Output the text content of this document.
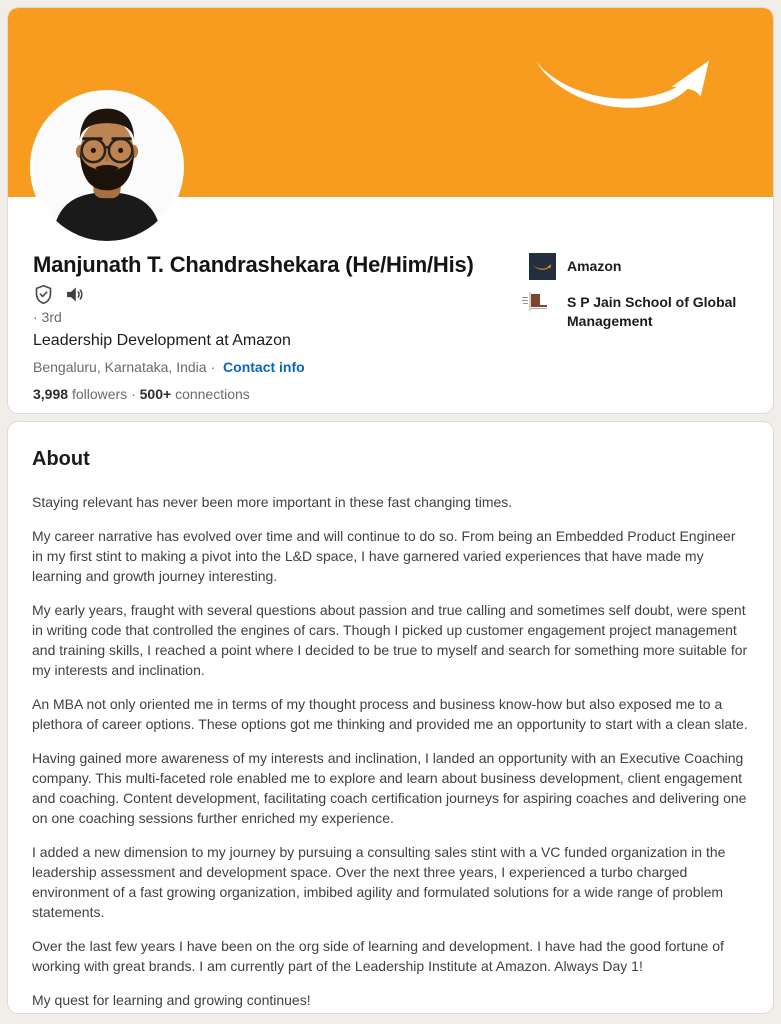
Manjunath T. Chandrashekara (He/Him/His)
· 3rd
Leadership Development at Amazon
Bengaluru, Karnataka, India · Contact info
3,998 followers · 500+ connections
Amazon
S P Jain School of Global Management
About

Staying relevant has never been more important in these fast changing times.

My career narrative has evolved over time and will continue to do so. From being an Embedded Product Engineer in my first stint to making a pivot into the L&D space, I have garnered varied experiences that have made my learning and growth journey interesting.

My early years, fraught with several questions about passion and true calling and sometimes self doubt, were spent in writing code that controlled the engines of cars. Though I picked up customer engagement project management and training skills, I reached a point where I decided to be true to myself and search for something more suitable for my interests and inclination.

An MBA not only oriented me in terms of my thought process and business know-how but also exposed me to a plethora of career options. These options got me thinking and provided me an opportunity to start with a clean slate.

Having gained more awareness of my interests and inclination, I landed an opportunity with an Executive Coaching company. This multi-faceted role enabled me to explore and learn about business development, client engagement and coaching. Content development, facilitating coach certification journeys for aspiring coaches and delivering one on one coaching sessions further enriched my experience.

I added a new dimension to my journey by pursuing a consulting sales stint with a VC funded organization in the leadership assessment and development space. Over the next three years, I experienced a turbo charged environment of a fast growing organization, imbibed agility and formulated solutions for a wide range of problem statements.

Over the last few years I have been on the org side of learning and development. I have had the good fortune of working with great brands. I am currently part of the Leadership Institute at Amazon. Always Day 1!

My quest for learning and growing continues!
